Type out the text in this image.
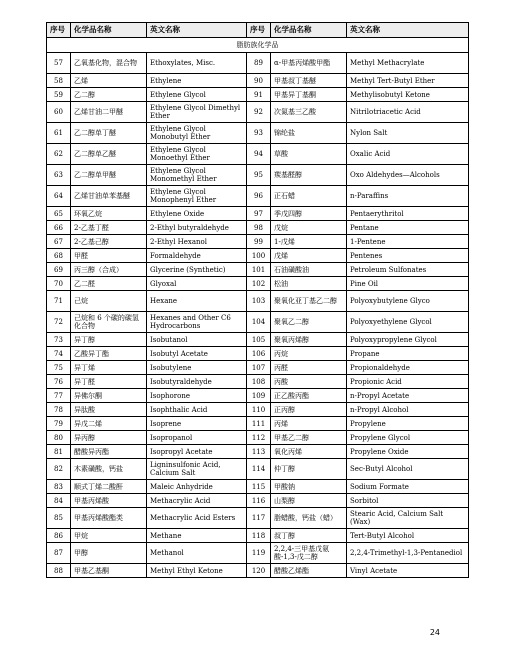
序号	化学品名称	英文名称	序号	化学品名称	英文名称
脂肪族化学品					
57	乙氧基化物，混合物	Ethoxylates, Misc.	89	α-甲基丙烯酸甲酯	Methyl Methacrylate
58	乙烯	Ethylene	90	甲基叔丁基醚	Methyl Tert-Butyl Ether
59	乙二醇	Ethylene Glycol	91	甲基异丁基酮	Methylisobutyl Ketone
60	乙烯甘油二甲醚	Ethylene Glycol Dimethyl Ether	92	次氮基三乙酸	Nitrilotriacetic Acid
61	乙二醇单丁醚	Ethylene Glycol Monobutyl Ether	93	锦纶盐	Nylon Salt
62	乙二醇单乙醚	Ethylene Glycol Monoethyl Ether	94	草酸	Oxalic Acid
63	乙二醇单甲醚	Ethylene Glycol Monomethyl Ether	95	羰基醛醇	Oxo Aldehydes—Alcohols
64	乙烯甘油单苯基醚	Ethylene Glycol Monophenyl Ether	96	正石蜡	n-Paraffins
65	环氧乙烷	Ethylene Oxide	97	季戊四醇	Pentaerythritol
66	2-乙基丁醛	2-Ethyl butyraldehyde	98	戊烷	Pentane
67	2-乙基己醇	2-Ethyl Hexanol	99	1-戊烯	1-Pentene
68	甲醛	Formaldehyde	100	戊烯	Pentenes
69	丙三醇（合成）	Glycerine (Synthetic)	101	石油磺酸油	Petroleum Sulfonates
70	乙二醛	Glyoxal	102	松油	Pine Oil
71	己烷	Hexane	103	聚氧化亚丁基乙二醇	Polyoxybutylene Glyco
72	己烷和 6 个碳的碳氢化合物	Hexanes and Other C6 Hydrocarbons	104	聚氧乙二醇	Polyoxyethylene Glycol
73	异丁醇	Isobutanol	105	聚氧丙烯醇	Polyoxypropylene Glycol
74	乙酸异丁酯	Isobutyl Acetate	106	丙烷	Propane
75	异丁烯	Isobutylene	107	丙醛	Propionaldehyde
76	异丁醛	Isobutyraldehyde	108	丙酸	Propionic Acid
77	异佛尔酮	Isophorone	109	正乙酸丙酯	n-Propyl Acetate
78	异肽酸	Isophthalic Acid	110	正丙醇	n-Propyl Alcohol
79	异戊二烯	Isoprene	111	丙烯	Propylene
80	异丙醇	Isopropanol	112	甲基乙二醇	Propylene Glycol
81	醋酸异丙酯	Isopropyl Acetate	113	氧化丙烯	Propylene Oxide
82	木素磺酸，钙盐	Ligninsulfonic Acid, Calcium Salt	114	仲丁醇	Sec-Butyl Alcohol
83	顺式丁烯二酸酐	Maleic Anhydride	115	甲酸钠	Sodium Formate
84	甲基丙烯酸	Methacrylic Acid	116	山梨醇	Sorbitol
85	甲基丙烯酸酯类	Methacrylic Acid Esters	117	脂蜡酸，钙盐（蜡）	Stearic Acid, Calcium Salt (Wax)
86	甲烷	Methane	118	叔丁醇	Tert-Butyl Alcohol
87	甲醇	Methanol	119	2,2,4-三甲基戊氨酸-1,3-戊二醇	2,2,4-Trimethyl-1,3-Pentanediol
88	甲基乙基酮	Methyl Ethyl Ketone	120	醋酸乙烯酯	Vinyl Acetate
24
